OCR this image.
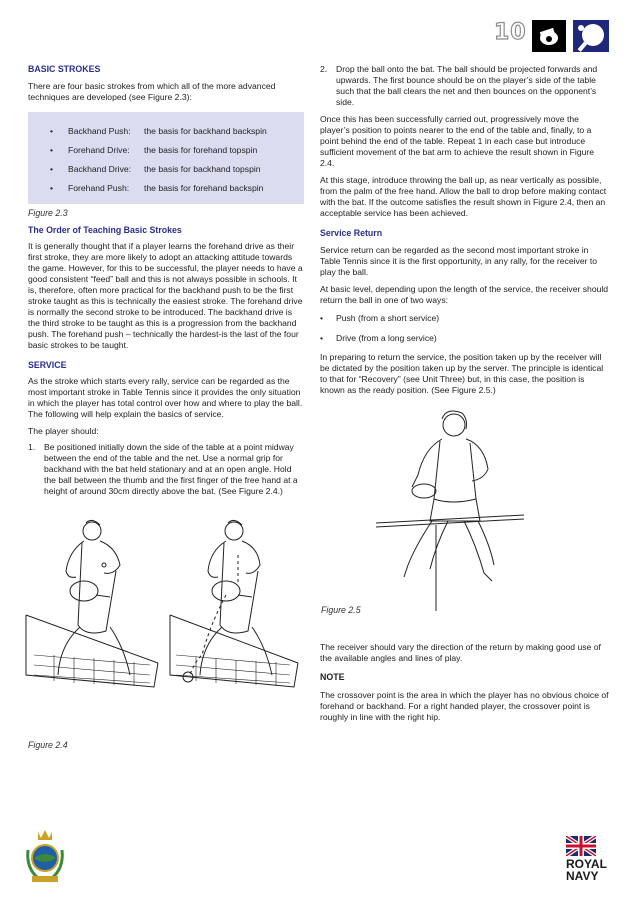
10

BASIC STROKES

There are four basic strokes from which all of the more advanced techniques are developed (see Figure 2.3):

•	Backhand Push:	the basis for backhand backspin
•	Forehand Drive:	the basis for forehand topspin
•	Backhand Drive:	the basis for backhand topspin
•	Forehand Push:	the basis for forehand backspin
Figure 2.3

The Order of Teaching Basic Strokes

It is generally thought that if a player learns the forehand drive as their first stroke, they are more likely to adopt an attacking attitude towards the game. However, for this to be successful, the player needs to have a good consistent “feed” ball and this is not always possible in schools. It is, therefore, often more practical for the backhand push to be the first stroke taught as this is technically the easiest stroke. The forehand drive is normally the second stroke to be introduced. The backhand drive is the third stroke to be taught as this is a progression from the backhand push. The forehand push – technically the hardest-is the last of the four basic strokes to be taught.

SERVICE

As the stroke which starts every rally, service can be regarded as the most important stroke in Table Tennis since it provides the only situation in which the player has total control over how and where to play the ball. The following will help explain the basics of service.

The player should:

1.	Be positioned initially down the side of the table at a point midway between the end of the table and the net. Use a normal grip for backhand with the bat held stationary and at an open angle. Hold the ball between the thumb and the first finger of the free hand at a height of around 30cm directly above the bat. (See Figure 2.4.)
Figure 2.4
2.	Drop the ball onto the bat. The ball should be projected forwards and upwards. The first bounce should be on the player’s side of the table such that the ball clears the net and then bounces on the opponent’s side.

Once this has been successfully carried out, progressively move the player’s position to points nearer to the end of the table and, finally, to a point behind the end of the table. Repeat 1 in each case but introduce sufficient movement of the bat arm to achieve the result shown in Figure 2.4.

At this stage, introduce throwing the ball up, as near vertically as possible, from the palm of the free hand. Allow the ball to drop before making contact with the bat. If the outcome satisfies the result shown in Figure 2.4, then an acceptable service has been achieved.

Service Return

Service return can be regarded as the second most important stroke in Table Tennis since it is the first opportunity, in any rally, for the receiver to play the ball.

At basic level, depending upon the length of the service, the receiver should return the ball in one of two ways:

•	Push (from a short service)
•	Drive (from a long service)

In preparing to return the service, the position taken up by the receiver will be dictated by the position taken up by the server. The principle is identical to that for “Recovery” (see Unit Three) but, in this case, the position is known as the ready position. (See Figure 2.5.)

Figure 2.5

The receiver should vary the direction of the return by making good use of the available angles and lines of play.

NOTE

The crossover point is the area in which the player has no obvious choice of forehand or backhand. For a right handed player, the crossover point is roughly in line with the right hip.

ROYAL
NAVY
